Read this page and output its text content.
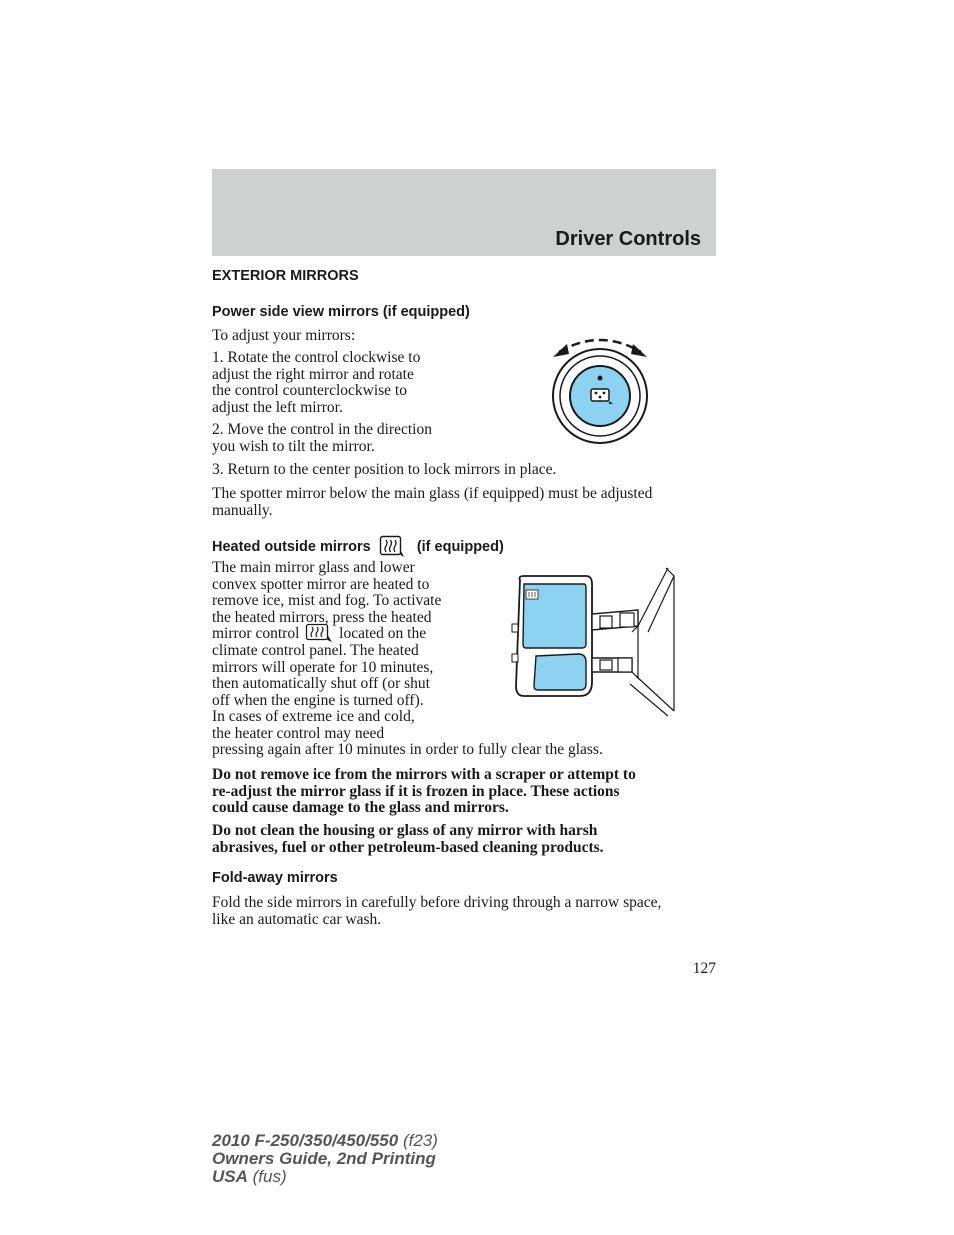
Driver Controls
EXTERIOR MIRRORS
Power side view mirrors (if equipped)
To adjust your mirrors:
1. Rotate the control clockwise to
adjust the right mirror and rotate
the control counterclockwise to
adjust the left mirror.
2. Move the control in the direction
you wish to tilt the mirror.
3. Return to the center position to lock mirrors in place.
The spotter mirror below the main glass (if equipped) must be adjusted
manually.
Heated outside mirrors	(if equipped)
The main mirror glass and lower
convex spotter mirror are heated to
remove ice, mist and fog. To activate
the heated mirrors, press the heated
mirror control	located on the
climate control panel. The heated
mirrors will operate for 10 minutes,
then automatically shut off (or shut
off when the engine is turned off).
In cases of extreme ice and cold,
the heater control may need
pressing again after 10 minutes in order to fully clear the glass.
Do not remove ice from the mirrors with a scraper or attempt to
re-adjust the mirror glass if it is frozen in place. These actions
could cause damage to the glass and mirrors.
Do not clean the housing or glass of any mirror with harsh
abrasives, fuel or other petroleum-based cleaning products.
Fold-away mirrors
Fold the side mirrors in carefully before driving through a narrow space,
like an automatic car wash.
127
2010 F-250/350/450/550 (f23)
Owners Guide, 2nd Printing
USA (fus)
